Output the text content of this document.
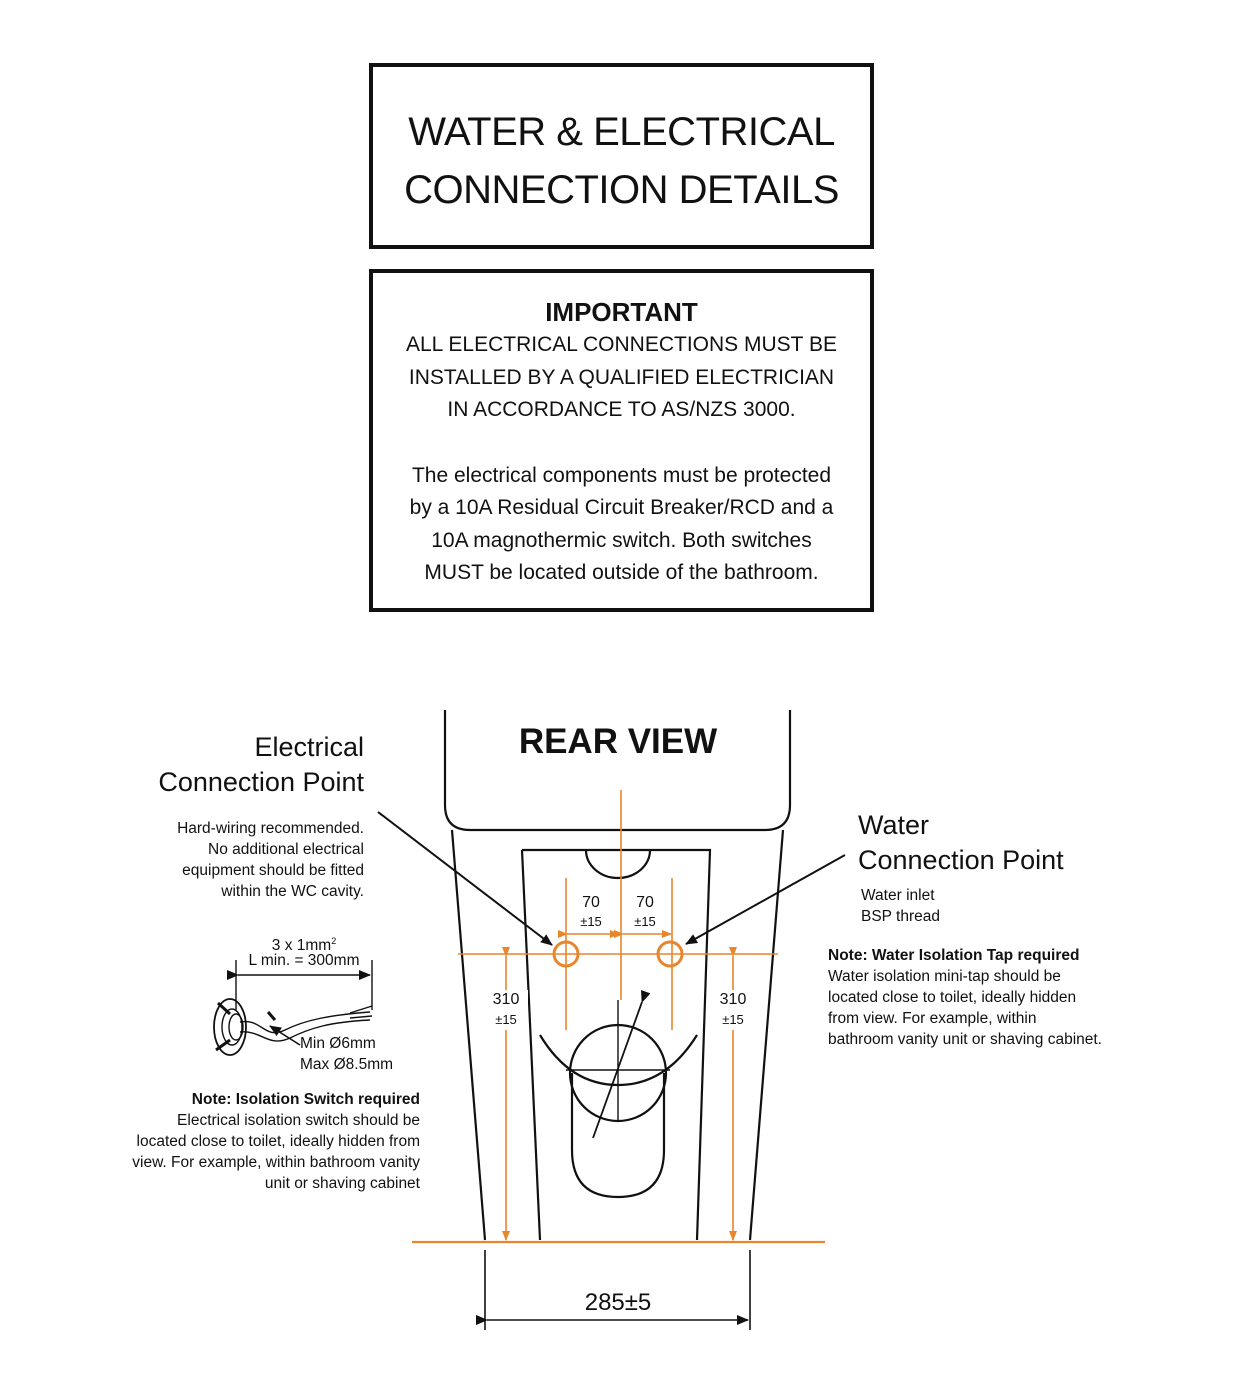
WATER & ELECTRICAL
CONNECTION DETAILS
IMPORTANT
ALL ELECTRICAL CONNECTIONS MUST BE
INSTALLED BY A QUALIFIED ELECTRICIAN
IN ACCORDANCE TO AS/NZS 3000.
The electrical components must be protected
by a 10A Residual Circuit Breaker/RCD and a
10A magnothermic switch. Both switches
MUST be located outside of the bathroom.
REAR VIEW
Electrical
Connection Point
Hard-wiring recommended.
No additional electrical
equipment should be fitted
within the WC cavity.
3 x $1mm^2$
L min. = 300mm
Min Ø6mm
Max Ø8.5mm
Note: Isolation Switch required
Electrical isolation switch should be
located close to toilet, ideally hidden from
view. For example, within bathroom vanity
unit or shaving cabinet
Water
Connection Point
Water inlet
BSP thread
Note: Water Isolation Tap required
Water isolation mini-tap should be
located close to toilet, ideally hidden
from view. For example, within
bathroom vanity unit or shaving cabinet.
70
±15
70
±15
310
±15
310
±15
285±5
